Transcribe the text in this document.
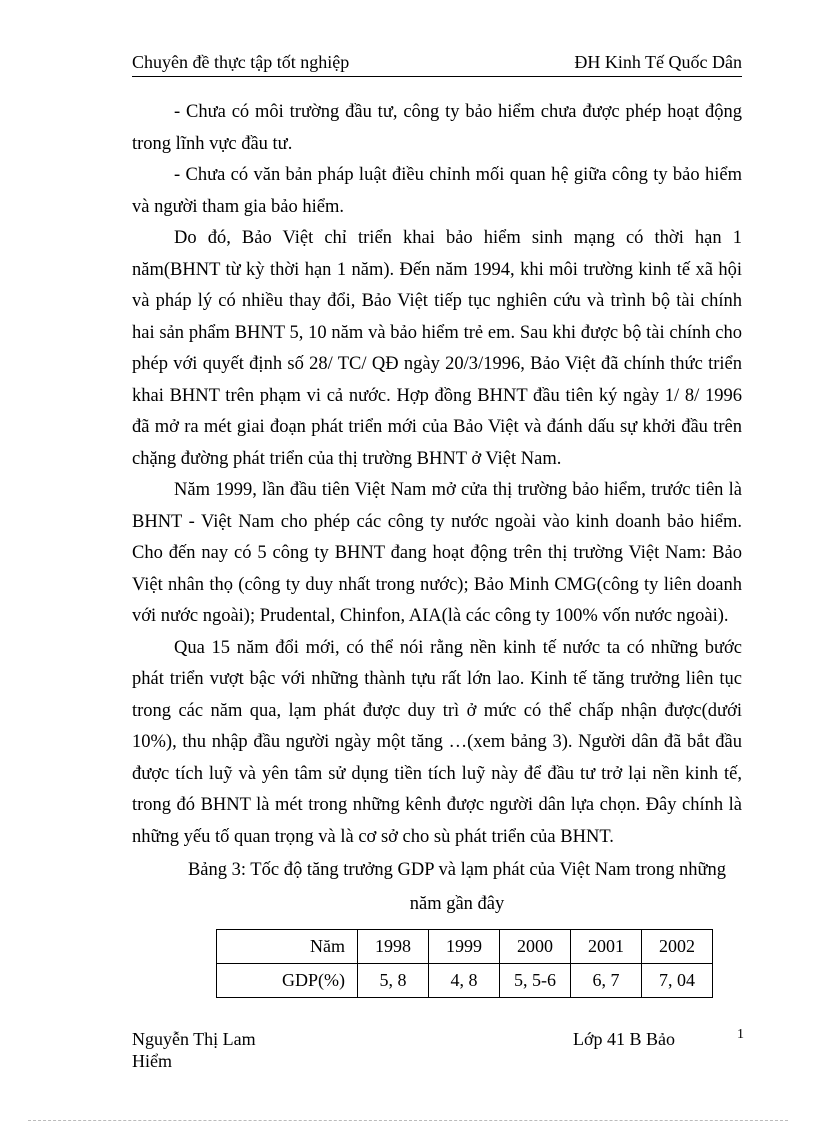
Chuyên đề thực tập tốt nghiệp	ĐH Kinh Tế Quốc Dân

- Chưa có môi trường đầu tư, công ty bảo hiểm chưa được phép hoạt động trong lĩnh vực đầu tư.

- Chưa có văn bản pháp luật điều chỉnh mối quan hệ giữa công ty bảo hiểm và người tham gia bảo hiểm.

Do đó, Bảo Việt chỉ triển khai bảo hiểm sinh mạng có thời hạn 1 năm(BHNT từ kỳ thời hạn 1 năm). Đến năm 1994, khi môi trường kinh tế xã hội và pháp lý có nhiều thay đổi, Bảo Việt tiếp tục nghiên cứu và trình bộ tài chính hai sản phẩm BHNT 5, 10 năm và bảo hiểm trẻ em. Sau khi được bộ tài chính cho phép với quyết định số 28/ TC/ QĐ ngày 20/3/1996, Bảo Việt đã chính thức triển khai BHNT trên phạm vi cả nước. Hợp đồng BHNT đầu tiên ký ngày 1/ 8/ 1996 đã mở ra mét giai đoạn phát triển mới của Bảo Việt và đánh dấu sự khởi đầu trên chặng đường phát triển của thị trường BHNT ở Việt Nam.

Năm 1999, lần đầu tiên Việt Nam mở cửa thị trường bảo hiểm, trước tiên là BHNT - Việt Nam cho phép các công ty nước ngoài vào kinh doanh bảo hiểm. Cho đến nay có 5 công ty BHNT đang hoạt động trên thị trường Việt Nam: Bảo Việt nhân thọ (công ty duy nhất trong nước); Bảo Minh CMG(công ty liên doanh với nước ngoài); Prudental, Chinfon, AIA(là các công ty 100% vốn nước ngoài).

Qua 15 năm đổi mới, có thể nói rằng nền kinh tế nước ta có những bước phát triển vượt bậc với những thành tựu rất lớn lao. Kinh tế tăng trưởng liên tục trong các năm qua, lạm phát được duy trì ở mức có thể chấp nhận được(dưới 10%), thu nhập đầu người ngày một tăng …(xem bảng 3). Người dân đã bắt đầu được tích luỹ và yên tâm sử dụng tiền tích luỹ này để đầu tư trở lại nền kinh tế, trong đó BHNT là mét trong những kênh được người dân lựa chọn. Đây chính là những yếu tố quan trọng và là cơ sở cho sù phát triển của BHNT.

Bảng 3: Tốc độ tăng trưởng GDP và lạm phát của Việt Nam trong những năm gần đây

Năm	1998	1999	2000	2001	2002
GDP(%)	5, 8	4, 8	5, 5-6	6, 7	7, 04
Nguyễn Thị Lam
Hiểm
Lớp 41 B Bảo	1
